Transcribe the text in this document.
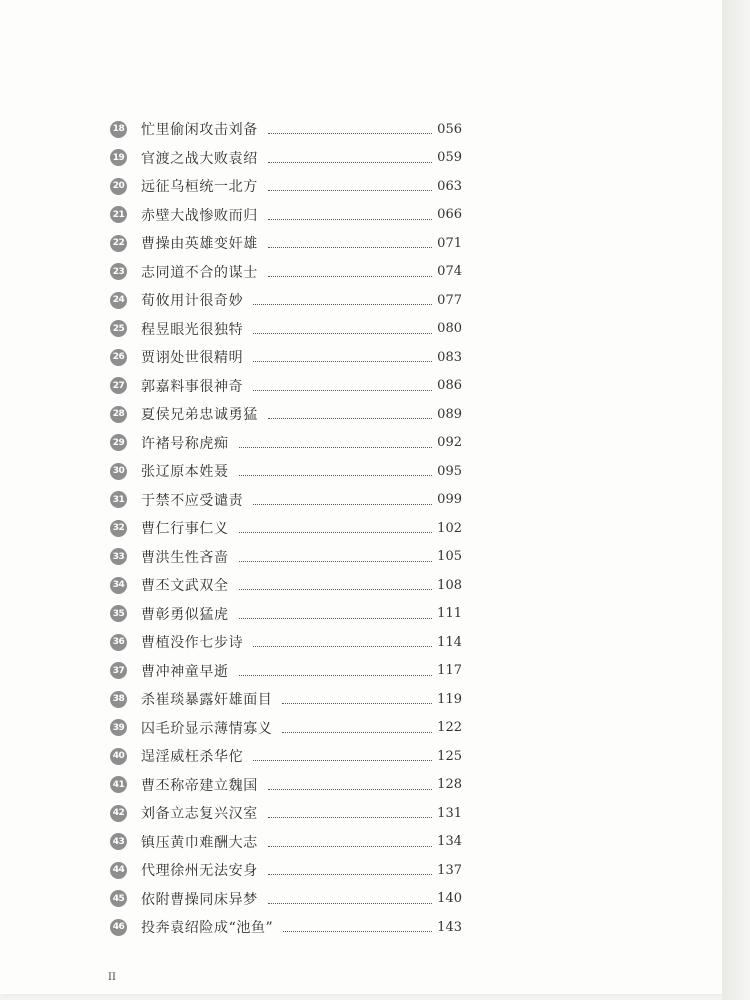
18 忙里偷闲攻击刘备	056
19 官渡之战大败袁绍	059
20 远征乌桓统一北方	063
21 赤壁大战惨败而归	066
22 曹操由英雄变奸雄	071
23 志同道不合的谋士	074
24 荀攸用计很奇妙	077
25 程昱眼光很独特	080
26 贾诩处世很精明	083
27 郭嘉料事很神奇	086
28 夏侯兄弟忠诚勇猛	089
29 许褚号称虎痴	092
30 张辽原本姓聂	095
31 于禁不应受谴责	099
32 曹仁行事仁义	102
33 曹洪生性吝啬	105
34 曹丕文武双全	108
35 曹彰勇似猛虎	111
36 曹植没作七步诗	114
37 曹冲神童早逝	117
38 杀崔琰暴露奸雄面目	119
39 囚毛玠显示薄情寡义	122
40 逞淫威枉杀华佗	125
41 曹丕称帝建立魏国	128
42 刘备立志复兴汉室	131
43 镇压黄巾难酬大志	134
44 代理徐州无法安身	137
45 依附曹操同床异梦	140
46 投奔袁绍险成“池鱼”	143
II
